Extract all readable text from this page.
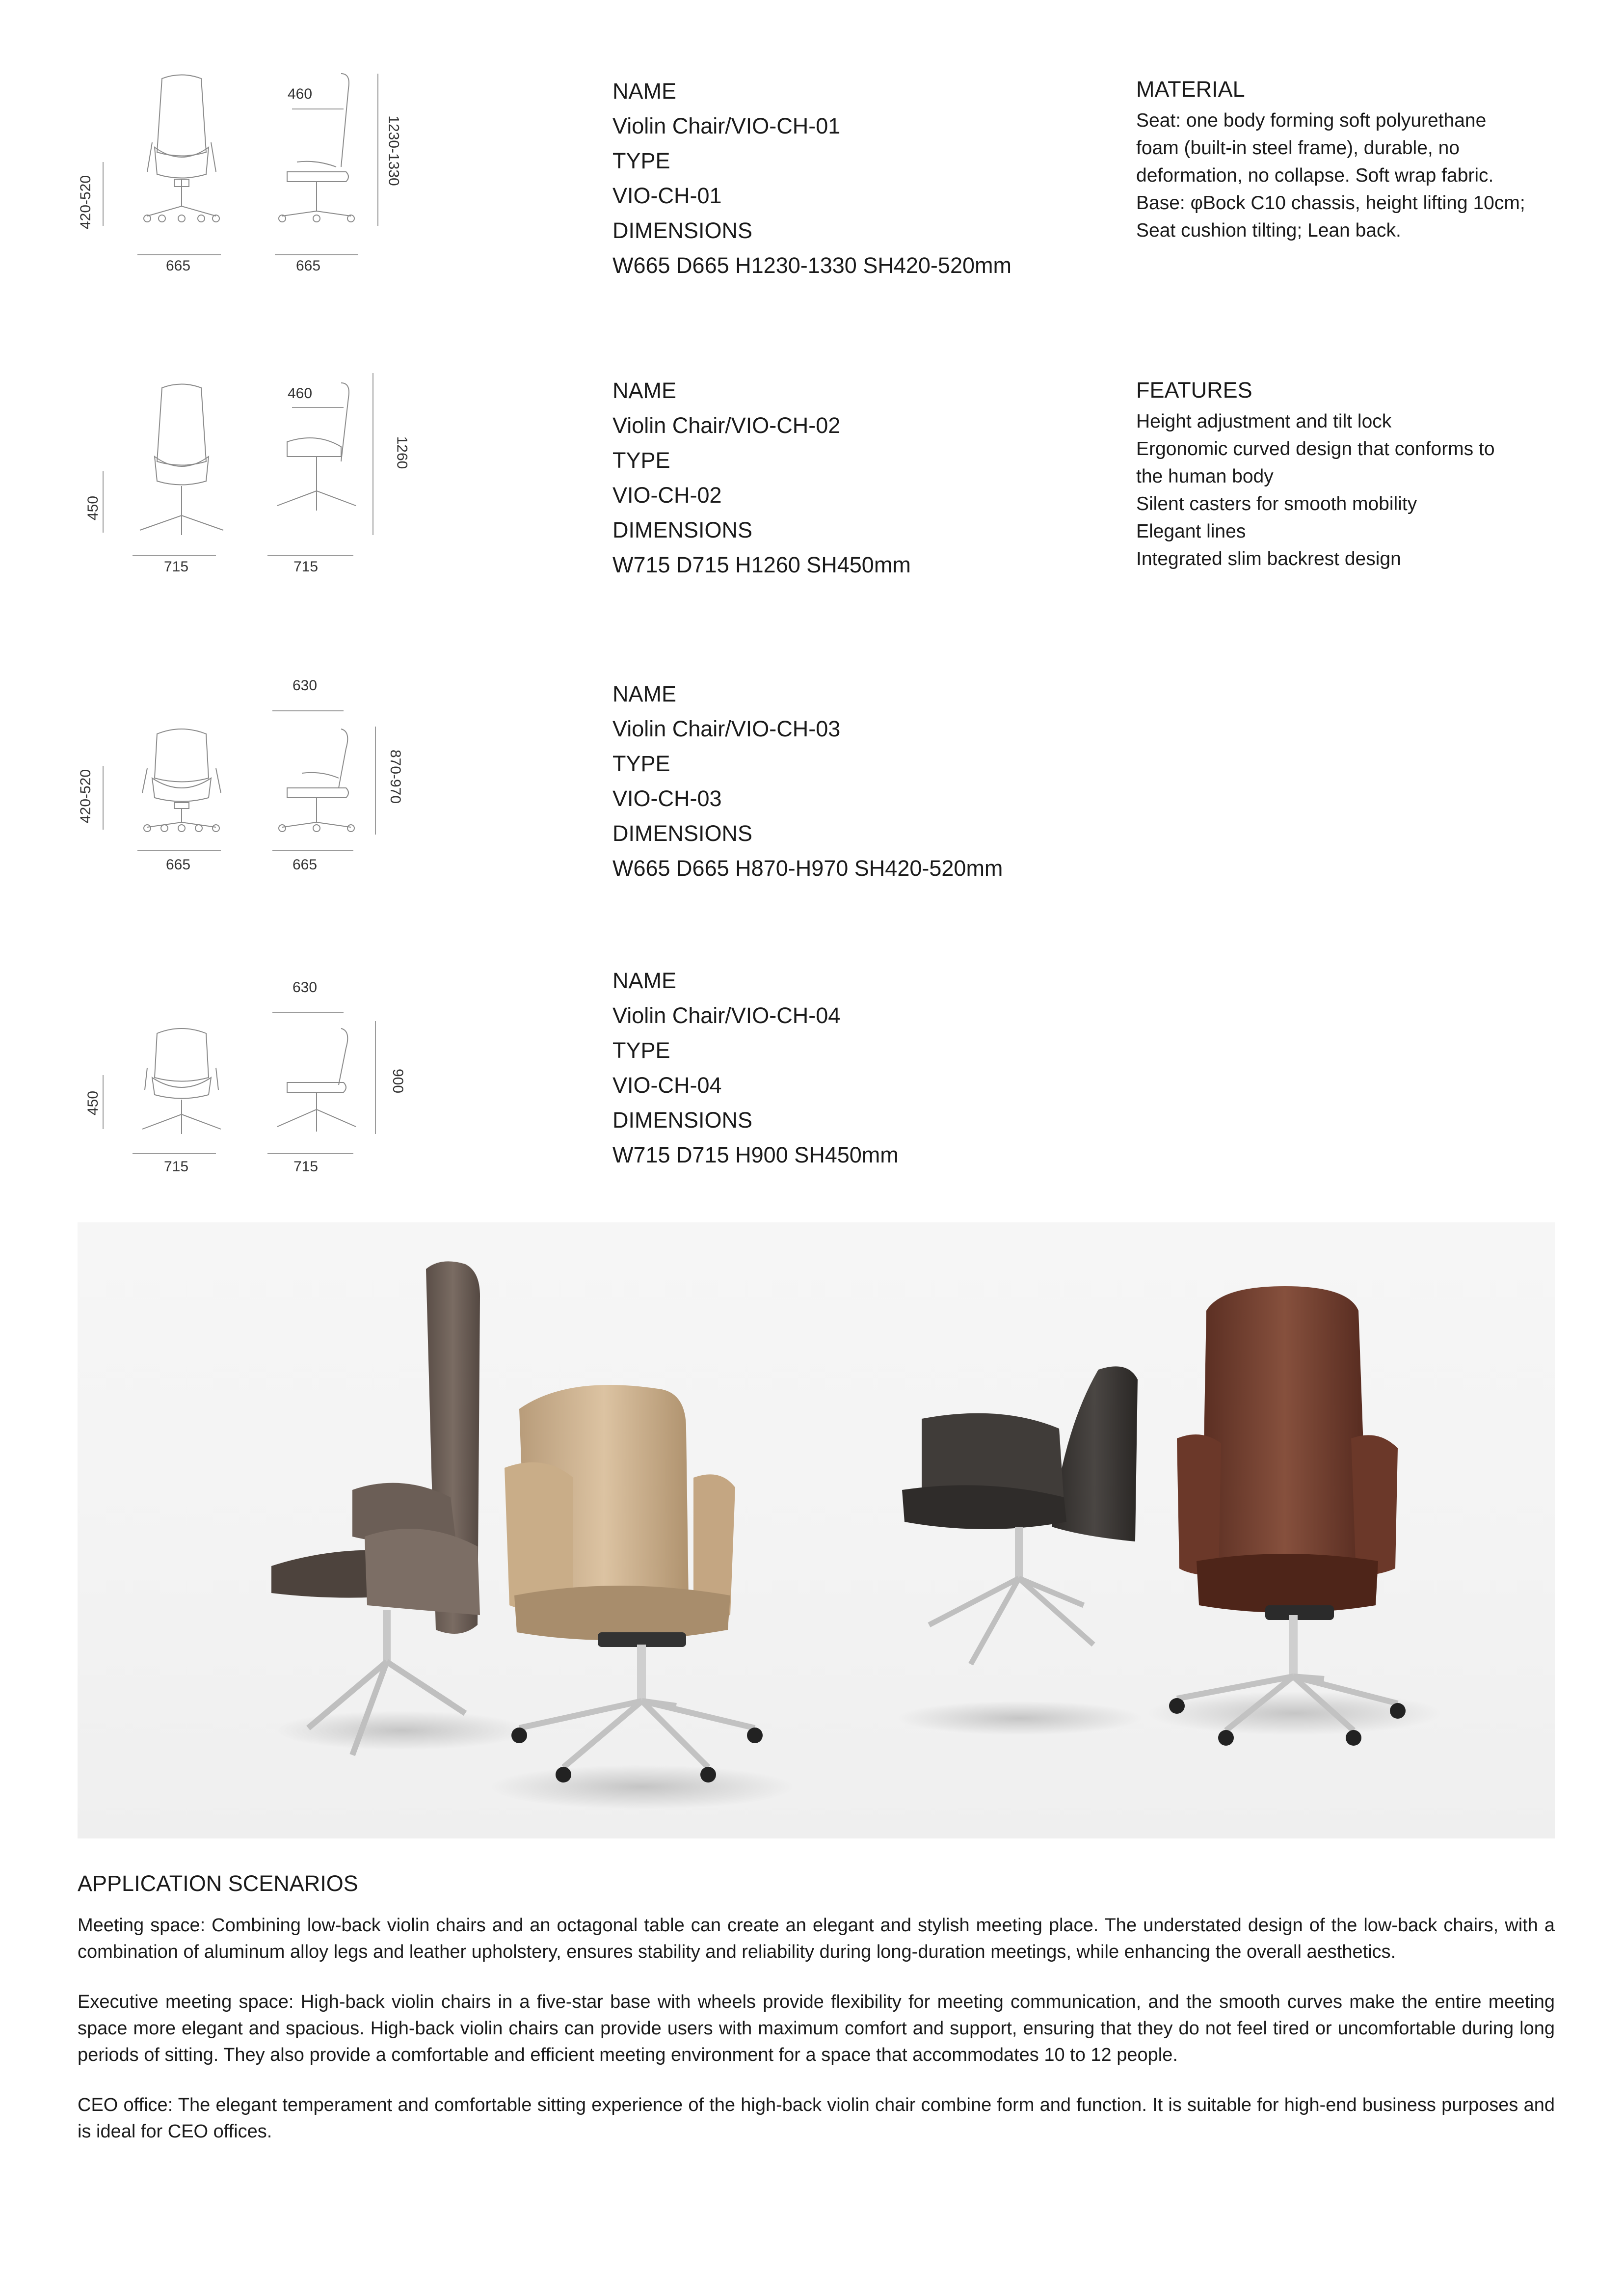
460
420-520
1230-1330
665	665
NAME
Violin Chair/VIO-CH-01
TYPE
VIO-CH-01
DIMENSIONS
W665 D665 H1230-1330 SH420-520mm
MATERIAL
Seat: one body forming soft polyurethane
foam (built-in steel frame), durable, no
deformation, no collapse. Soft wrap fabric.
Base: φBock C10 chassis, height lifting 10cm;
Seat cushion tilting; Lean back.
460
450
1260
715	715
NAME
Violin Chair/VIO-CH-02
TYPE
VIO-CH-02
DIMENSIONS
W715 D715 H1260 SH450mm
FEATURES
Height adjustment and tilt lock
Ergonomic curved design that conforms to
the human body
Silent casters for smooth mobility
Elegant lines
Integrated slim backrest design
630
420-520	870-970
665	665
NAME
Violin Chair/VIO-CH-03
TYPE
VIO-CH-03
DIMENSIONS
W665 D665 H870-H970 SH420-520mm
630
450
900
715	715
NAME
Violin Chair/VIO-CH-04
TYPE
VIO-CH-04
DIMENSIONS
W715 D715 H900 SH450mm
APPLICATION SCENARIOS
Meeting space: Combining low-back violin chairs and an octagonal table can create an elegant and stylish meeting place. The understated design of the low-back chairs, with a combination of aluminum alloy legs and leather upholstery, ensures stability and reliability during long-duration meetings, while enhancing the overall aesthetics.
Executive meeting space: High-back violin chairs in a five-star base with wheels provide flexibility for meeting communication, and the smooth curves make the entire meeting space more elegant and spacious. High-back violin chairs can provide users with maximum comfort and support, ensuring that they do not feel tired or uncomfortable during long periods of sitting. They also provide a comfortable and efficient meeting environment for a space that accommodates 10 to 12 people.
CEO office: The elegant temperament and comfortable sitting experience of the high-back violin chair combine form and function. It is suitable for high-end business purposes and is ideal for CEO offices.
